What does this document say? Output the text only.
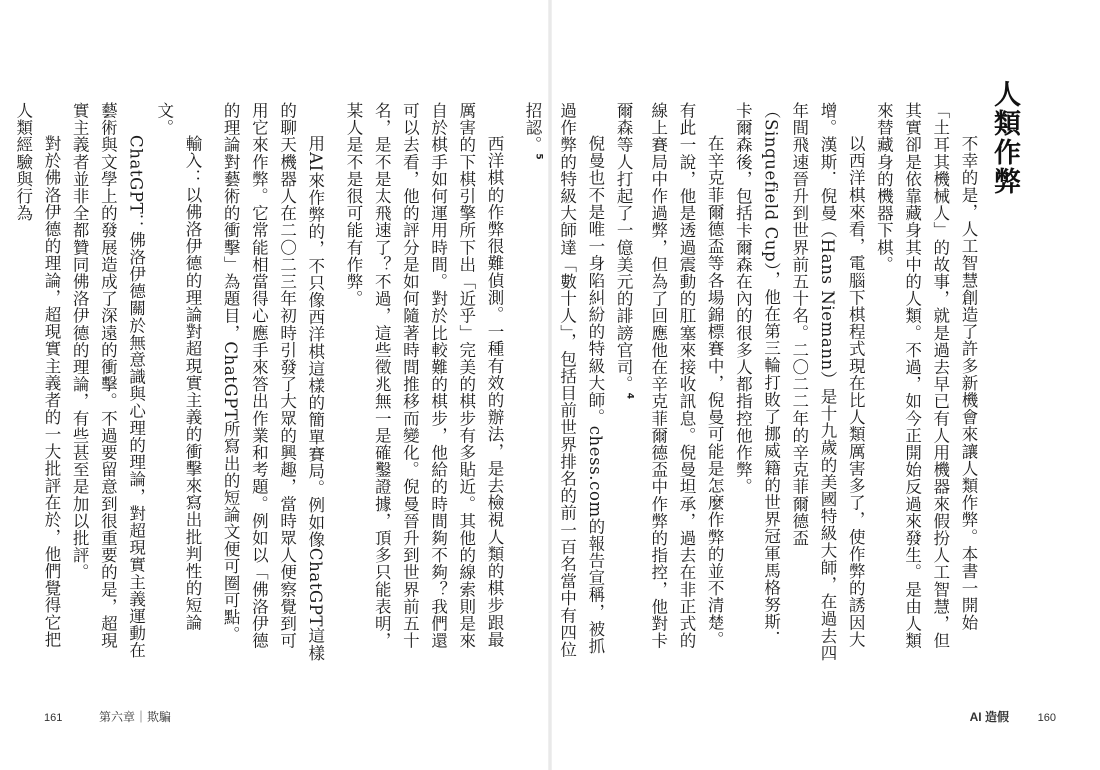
西洋棋的作弊很難偵測。一種有效的辦法，是去檢視人類的棋步跟最厲害的下棋引擎所下出「近乎」完美的棋步有多貼近。其他的線索則是來自於棋手如何運用時間。對於比較難的棋步，他給的時間夠不夠？我們還可以去看，他的評分是如何隨著時間推移而變化。倪曼晉升到世界前五十名，是不是太飛速了？不過，這些徵兆無一是確鑿證據，頂多只能表明，某人是不是很可能有作弊。

用AI來作弊的，不只像西洋棋這樣的簡單賽局。例如像ChatGPT這樣的聊天機器人在二〇二三年初時引發了大眾的興趣，當時眾人便察覺到可用它來作弊。它常能相當得心應手來答出作業和考題。例如以「佛洛伊德的理論對藝術的衝擊」為題目，ChatGPT所寫出的短論文便可圈可點。

輸入：以佛洛伊德的理論對超現實主義的衝擊來寫出批判性的短論文。

ChatGPT：佛洛伊德關於無意識與心理的理論，對超現實主義運動在藝術與文學上的發展造成了深遠的衝擊。不過要留意到很重要的是，超現實主義者並非全都贊同佛洛伊德的理論，有些甚至是加以批評。

對於佛洛伊德的理論，超現實主義者的一大批評在於，他們覺得它把人類經驗與行為

161	第六章｜欺騙
人類作弊

不幸的是，人工智慧創造了許多新機會來讓人類作弊。本書一開始「土耳其機械人」的故事，就是過去早已有人用機器來假扮人工智慧，但其實卻是依靠藏身其中的人類。不過，如今正開始反過來發生。是由人類來替藏身的機器下棋。

以西洋棋來看，電腦下棋程式現在比人類厲害多了，使作弊的誘因大增。漢斯．倪曼（Hans Niemann）是十九歲的美國特級大師，在過去四年間飛速晉升到世界前五十名。二〇二二年的辛克菲爾德盃（Sinquefield Cup），他在第三輪打敗了挪威籍的世界冠軍馬格努斯．卡爾森後，包括卡爾森在內的很多人都指控他作弊。

在辛克菲爾德盃等各場錦標賽中，倪曼可能是怎麼作弊的並不清楚。有此一說，他是透過震動的肛塞來接收訊息。倪曼坦承，過去在非正式的線上賽局中作過弊，但為了回應他在辛克菲爾德盃中作弊的指控，他對卡爾森等人打起了一億美元的誹謗官司。$^4$

倪曼也不是唯一身陷糾紛的特級大師。chess.com的報告宣稱，被抓過作弊的特級大師達「數十人」，包括目前世界排名的前一百名當中有四位招認。$^5$

AI 造假	160
